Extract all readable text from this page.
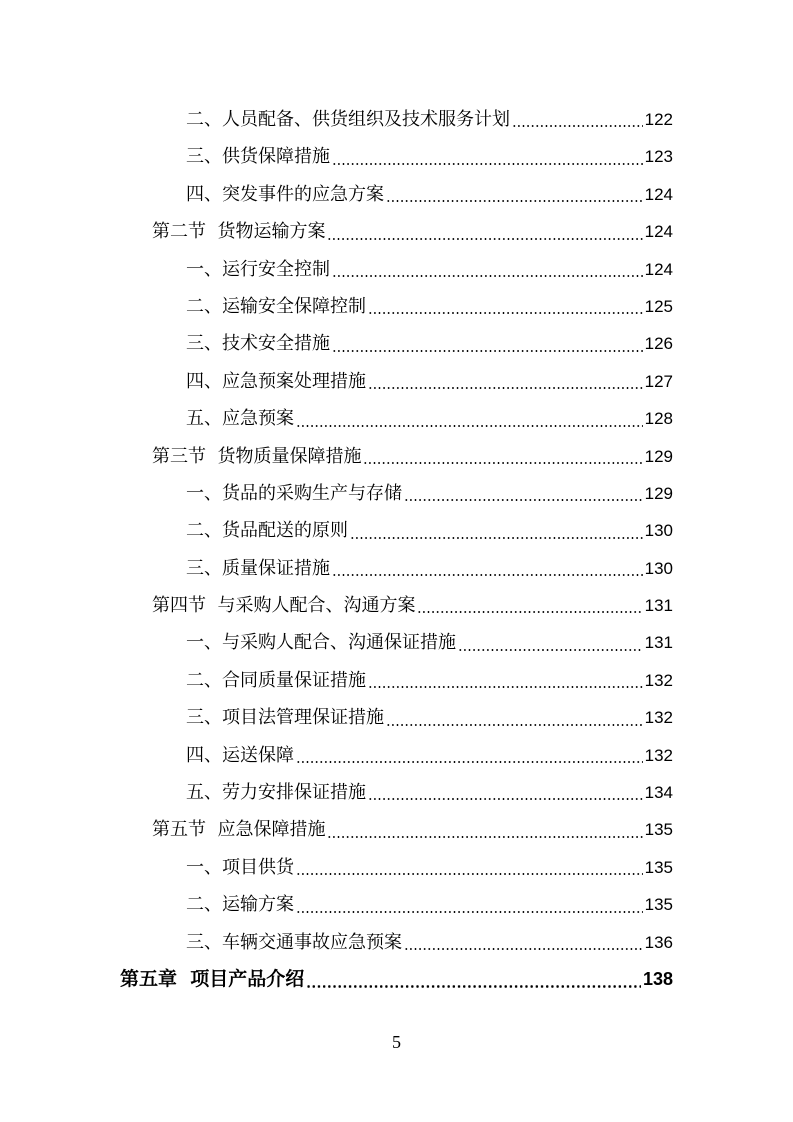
二、人员配备、供货组织及技术服务计划	122
三、供货保障措施	123
四、突发事件的应急方案	124
第二节  货物运输方案	124
一、运行安全控制	124
二、运输安全保障控制	125
三、技术安全措施	126
四、应急预案处理措施	127
五、应急预案	128
第三节  货物质量保障措施	129
一、货品的采购生产与存储	129
二、货品配送的原则	130
三、质量保证措施	130
第四节  与采购人配合、沟通方案	131
一、与采购人配合、沟通保证措施	131
二、合同质量保证措施	132
三、项目法管理保证措施	132
四、运送保障	132
五、劳力安排保证措施	134
第五节  应急保障措施	135
一、项目供货	135
二、运输方案	135
三、车辆交通事故应急预案	136
第五章  项目产品介绍	138
5
